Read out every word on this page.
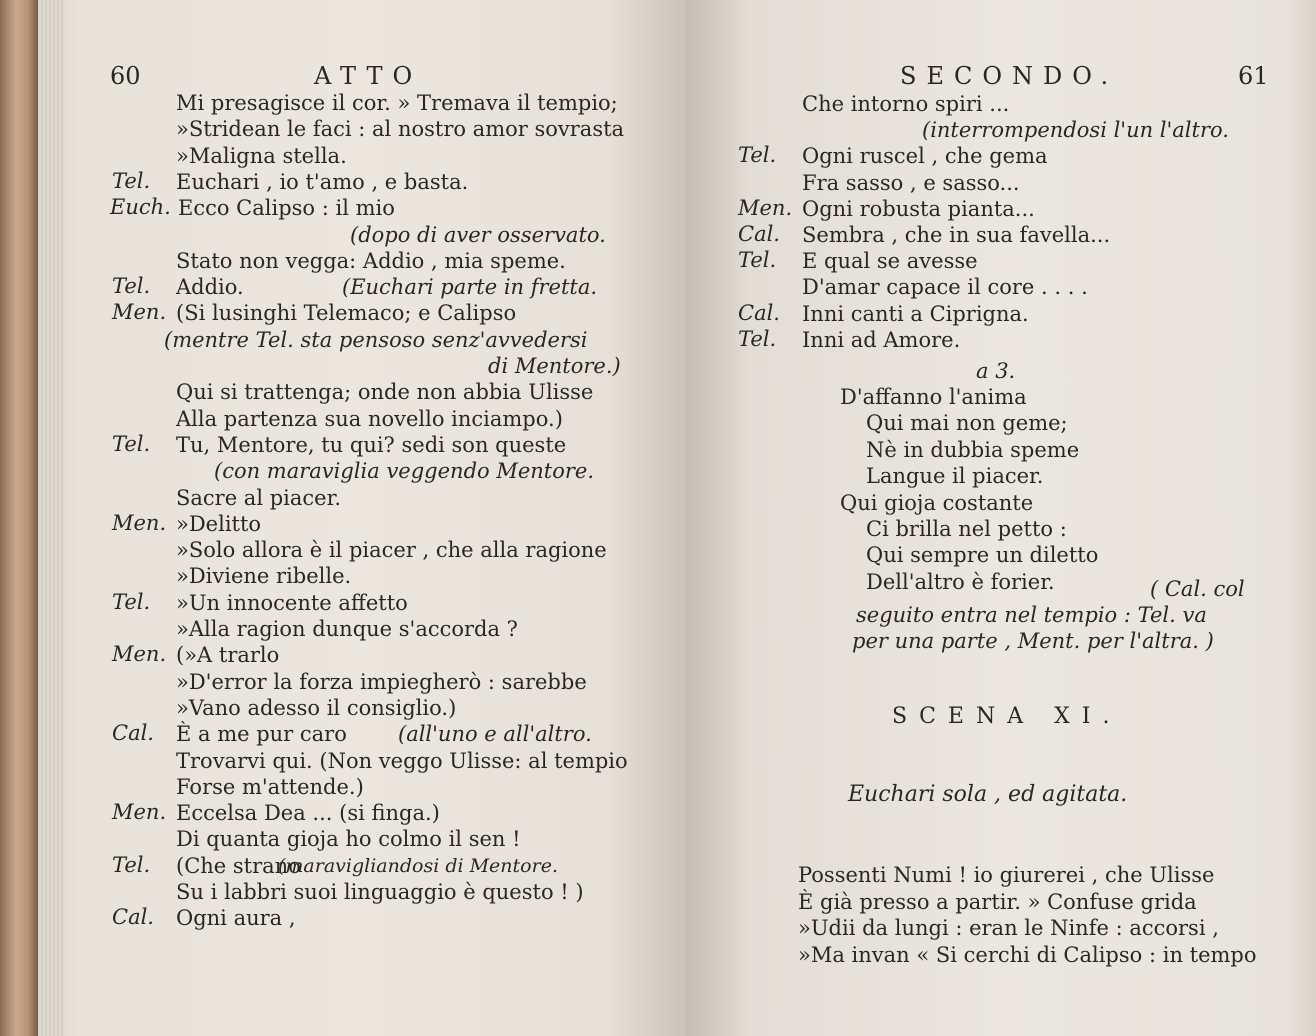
60	ATTO
Mi presagisce il cor. » Tremava il tempio;
»Stridean le faci : al nostro amor sovrasta
»Maligna stella.
Tel. Euchari , io t'amo , e basta.
Euch. Ecco Calipso : il mio
(dopo di aver osservato.
Stato non vegga: Addio , mia speme.
Tel. Addio.	(Euchari parte in fretta.
Men. (Si lusinghi Telemaco; e Calipso
(mentre Tel. sta pensoso senz'avvedersi
di Mentore.)
Qui si trattenga; onde non abbia Ulisse
Alla partenza sua novello inciampo.)
Tel. Tu, Mentore, tu qui? sedi son queste
(con maraviglia veggendo Mentore.
Sacre al piacer.
Men. »Delitto
»Solo allora è il piacer , che alla ragione
»Diviene ribelle.
Tel. »Un innocente affetto
»Alla ragion dunque s'accorda ?
Men. (»A trarlo
»D'error la forza impiegherò : sarebbe
»Vano adesso il consiglio.)
Cal. È a me pur caro (all'uno e all'altro.
Trovarvi qui. (Non veggo Ulisse: al tempio
Forse m'attende.)
Men. Eccelsa Dea ... (si finga.)
Di quanta gioja ho colmo il sen !
Tel. (Che strano
(maravigliandosi di Mentore.
Su i labbri suoi linguaggio è questo ! )
Cal. Ogni aura ,
SECONDO.	61
Che intorno spiri ...
(interrompendosi l'un l'altro.
Tel. Ogni ruscel , che gema
Fra sasso , e sasso...
Men. Ogni robusta pianta...
Cal. Sembra , che in sua favella...
Tel. E qual se avesse
D'amar capace il core . . . .
Cal. Inni canti a Ciprigna.
Tel. Inni ad Amore.
a 3.
D'affanno l'anima
Qui mai non geme;
Nè in dubbia speme
Langue il piacer.
Qui gioja costante
Ci brilla nel petto :
Qui sempre un diletto
Dell'altro è forier.	( Cal. col
seguito entra nel tempio : Tel. va
per una parte , Ment. per l'altra. )
SCENA XI.
Euchari sola , ed agitata.
Possenti Numi ! io giurerei , che Ulisse
È già presso a partir. » Confuse grida
»Udii da lungi : eran le Ninfe : accorsi ,
»Ma invan « Si cerchi di Calipso : in tempo
